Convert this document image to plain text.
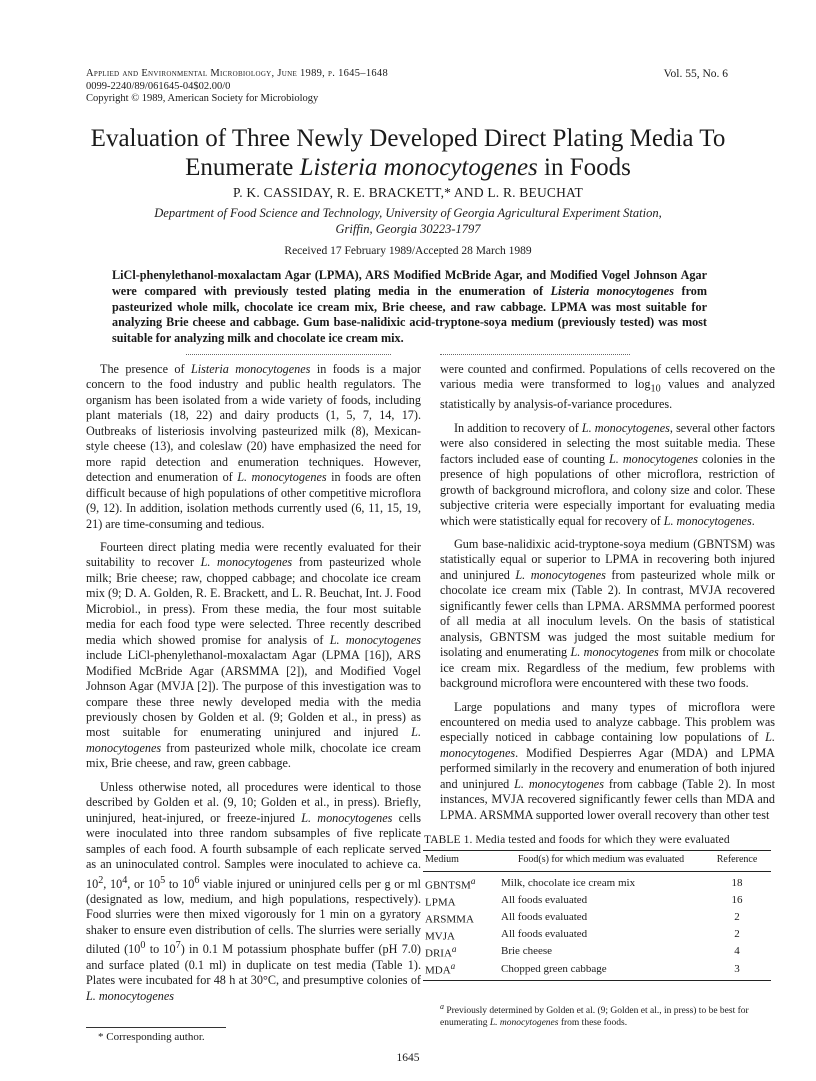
Applied and Environmental Microbiology, June 1989, p. 1645–1648
0099-2240/89/061645-04$02.00/0
Copyright © 1989, American Society for Microbiology
Vol. 55, No. 6
Evaluation of Three Newly Developed Direct Plating Media To
Enumerate Listeria monocytogenes in Foods
P. K. CASSIDAY, R. E. BRACKETT,* AND L. R. BEUCHAT
Department of Food Science and Technology, University of Georgia Agricultural Experiment Station,
Griffin, Georgia 30223-1797
Received 17 February 1989/Accepted 28 March 1989
LiCl-phenylethanol-moxalactam Agar (LPMA), ARS Modified McBride Agar, and Modified Vogel Johnson Agar were compared with previously tested plating media in the enumeration of Listeria monocytogenes from pasteurized whole milk, chocolate ice cream mix, Brie cheese, and raw cabbage. LPMA was most suitable for analyzing Brie cheese and cabbage. Gum base-nalidixic acid-tryptone-soya medium (previously tested) was most suitable for analyzing milk and chocolate ice cream mix.

The presence of Listeria monocytogenes in foods is a major concern to the food industry and public health regulators. The organism has been isolated from a wide variety of foods, including plant materials (18, 22) and dairy products (1, 5, 7, 14, 17). Outbreaks of listeriosis involving pasteurized milk (8), Mexican-style cheese (13), and coleslaw (20) have emphasized the need for more rapid detection and enumeration techniques. However, detection and enumeration of L. monocytogenes in foods are often difficult because of high populations of other competitive microflora (9, 12). In addition, isolation methods currently used (6, 11, 15, 19, 21) are time-consuming and tedious.

Fourteen direct plating media were recently evaluated for their suitability to recover L. monocytogenes from pasteurized whole milk; Brie cheese; raw, chopped cabbage; and chocolate ice cream mix (9; D. A. Golden, R. E. Brackett, and L. R. Beuchat, Int. J. Food Microbiol., in press). From these media, the four most suitable media for each food type were selected. Three recently described media which showed promise for analysis of L. monocytogenes include LiCl-phenylethanol-moxalactam Agar (LPMA [16]), ARS Modified McBride Agar (ARSMMA [2]), and Modified Vogel Johnson Agar (MVJA [2]). The purpose of this investigation was to compare these three newly developed media with the media previously chosen by Golden et al. (9; Golden et al., in press) as most suitable for enumerating uninjured and injured L. monocytogenes from pasteurized whole milk, chocolate ice cream mix, Brie cheese, and raw, green cabbage.

Unless otherwise noted, all procedures were identical to those described by Golden et al. (9, 10; Golden et al., in press). Briefly, uninjured, heat-injured, or freeze-injured L. monocytogenes cells were inoculated into three random subsamples of five replicate samples of each food. A fourth subsample of each replicate served as an uninoculated control. Samples were inoculated to achieve ca. $10^2$, $10^4$, or $10^5$ to $10^6$ viable injured or uninjured cells per g or ml (designated as low, medium, and high populations, respectively). Food slurries were then mixed vigorously for 1 min on a gyratory shaker to ensure even distribution of cells. The slurries were serially diluted ($10^0$ to $10^7$) in 0.1 M potassium phosphate buffer (pH 7.0) and surface plated (0.1 ml) in duplicate on test media (Table 1). Plates were incubated for 48 h at 30°C, and presumptive colonies of L. monocytogenes

were counted and confirmed. Populations of cells recovered on the various media were transformed to $\log_{10}$ values and analyzed statistically by analysis-of-variance procedures.

In addition to recovery of L. monocytogenes, several other factors were also considered in selecting the most suitable media. These factors included ease of counting L. monocytogenes colonies in the presence of high populations of other microflora, restriction of growth of background microflora, and colony size and color. These subjective criteria were especially important for evaluating media which were statistically equal for recovery of L. monocytogenes.

Gum base-nalidixic acid-tryptone-soya medium (GBNTSM) was statistically equal or superior to LPMA in recovering both injured and uninjured L. monocytogenes from pasteurized whole milk or chocolate ice cream mix (Table 2). In contrast, MVJA recovered significantly fewer cells than LPMA. ARSMMA performed poorest of all media at all inoculum levels. On the basis of statistical analysis, GBNTSM was judged the most suitable medium for isolating and enumerating L. monocytogenes from milk or chocolate ice cream mix. Regardless of the medium, few problems with background microflora were encountered with these two foods.

Large populations and many types of microflora were encountered on media used to analyze cabbage. This problem was especially noticed in cabbage containing low populations of L. monocytogenes. Modified Despierres Agar (MDA) and LPMA performed similarly in the recovery and enumeration of both injured and uninjured L. monocytogenes from cabbage (Table 2). In most instances, MVJA recovered significantly fewer cells than MDA and LPMA. ARSMMA supported lower overall recovery than other test

TABLE 1. Media tested and foods for which they were evaluated
Medium	Food(s) for which medium was evaluated	Reference
GBNTSM$^a$	Milk, chocolate ice cream mix	18
LPMA	All foods evaluated	16
ARSMMA	All foods evaluated	2
MVJA	All foods evaluated	2
DRIA$^a$	Brie cheese	4
MDA$^a$	Chopped green cabbage	3
$^a$ Previously determined by Golden et al. (9; Golden et al., in press) to be best for enumerating L. monocytogenes from these foods.
* Corresponding author.
1645
